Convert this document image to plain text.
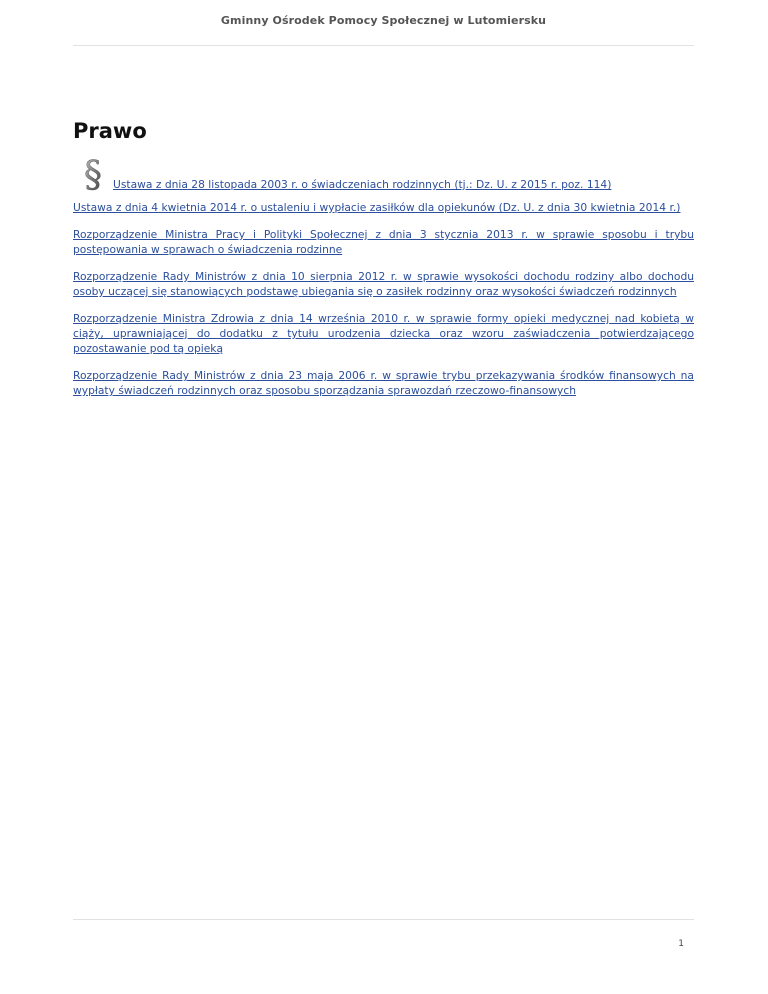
Gminny Ośrodek Pomocy Społecznej w Lutomiersku
Prawo
§ Ustawa z dnia 28 listopada 2003 r. o świadczeniach rodzinnych (tj.: Dz. U. z 2015 r. poz. 114)
Ustawa z dnia 4 kwietnia 2014 r. o ustaleniu i wypłacie zasiłków dla opiekunów (Dz. U. z dnia 30 kwietnia 2014 r.)
Rozporządzenie Ministra Pracy i Polityki Społecznej z dnia 3 stycznia 2013 r. w sprawie sposobu i trybu postępowania w sprawach o świadczenia rodzinne
Rozporządzenie Rady Ministrów z dnia 10 sierpnia 2012 r. w sprawie wysokości dochodu rodziny albo dochodu osoby uczącej się stanowiących podstawę ubiegania się o zasiłek rodzinny oraz wysokości świadczeń rodzinnych
Rozporządzenie Ministra Zdrowia z dnia 14 września 2010 r. w sprawie formy opieki medycznej nad kobietą w ciąży, uprawniającej do dodatku z tytułu urodzenia dziecka oraz wzoru zaświadczenia potwierdzającego pozostawanie pod tą opieką
Rozporządzenie Rady Ministrów z dnia 23 maja 2006 r. w sprawie trybu przekazywania środków finansowych na wypłaty świadczeń rodzinnych oraz sposobu sporządzania sprawozdań rzeczowo-finansowych
1
